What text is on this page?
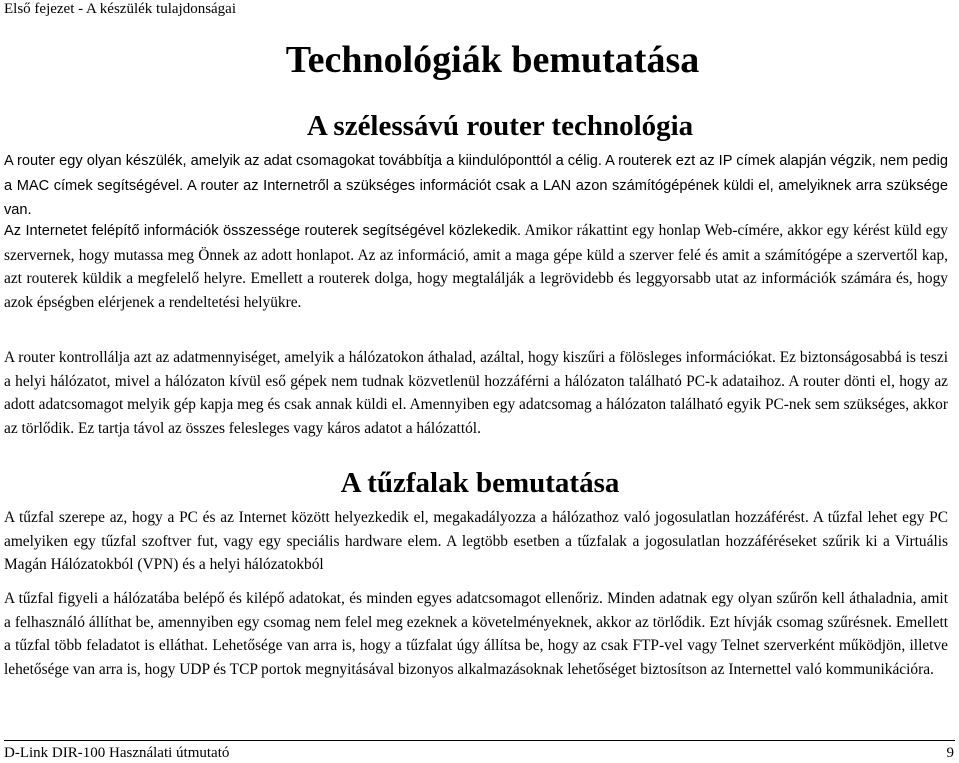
Első fejezet - A készülék tulajdonságai
Technológiák bemutatása
A szélessávú router technológia

A router egy olyan készülék, amelyik az adat csomagokat továbbítja a kiindulóponttól a célig. A routerek ezt az IP címek alapján végzik, nem pedig a MAC címek segítségével. A router az Internetről a szükséges információt csak a LAN azon számítógépének küldi el, amelyiknek arra szüksége van.

Az Internetet felépítő információk összessége routerek segítségével közlekedik. Amikor rákattint egy honlap Web-címére, akkor egy kérést küld egy szervernek, hogy mutassa meg Önnek az adott honlapot. Az az információ, amit a maga gépe küld a szerver felé és amit a számítógépe a szervertől kap, azt routerek küldik a megfelelő helyre. Emellett a routerek dolga, hogy megtalálják a legrövidebb és leggyorsabb utat az információk számára és, hogy azok épségben elérjenek a rendeltetési helyükre.

A router kontrollálja azt az adatmennyiséget, amelyik a hálózatokon áthalad, azáltal, hogy kiszűri a fölösleges információkat. Ez biztonságosabbá is teszi a helyi hálózatot, mivel a hálózaton kívül eső gépek nem tudnak közvetlenül hozzáférni a hálózaton található PC-k adataihoz. A router dönti el, hogy az adott adatcsomagot melyik gép kapja meg és csak annak küldi el. Amennyiben egy adatcsomag a hálózaton található egyik PC-nek sem szükséges, akkor az törlődik. Ez tartja távol az összes felesleges vagy káros adatot a hálózattól.

A tűzfalak bemutatása

A tűzfal szerepe az, hogy a PC és az Internet között helyezkedik el, megakadályozza a hálózathoz való jogosulatlan hozzáférést. A tűzfal lehet egy PC amelyiken egy tűzfal szoftver fut, vagy egy speciális hardware elem. A legtöbb esetben a tűzfalak a jogosulatlan hozzáféréseket szűrik ki a Virtuális Magán Hálózatokból (VPN) és a helyi hálózatokból

A tűzfal figyeli a hálózatába belépő és kilépő adatokat, és minden egyes adatcsomagot ellenőriz. Minden adatnak egy olyan szűrőn kell áthaladnia, amit a felhasználó állíthat be, amennyiben egy csomag nem felel meg ezeknek a követelményeknek, akkor az törlődik. Ezt hívják csomag szűrésnek. Emellett a tűzfal több feladatot is elláthat. Lehetősége van arra is, hogy a tűzfalat úgy állítsa be, hogy az csak FTP-vel vagy Telnet szerverként működjön, illetve lehetősége van arra is, hogy UDP és TCP portok megnyitásával bizonyos alkalmazásoknak lehetőséget biztosítson az Internettel való kommunikációra.

D-Link DIR-100 Használati útmutató	9
